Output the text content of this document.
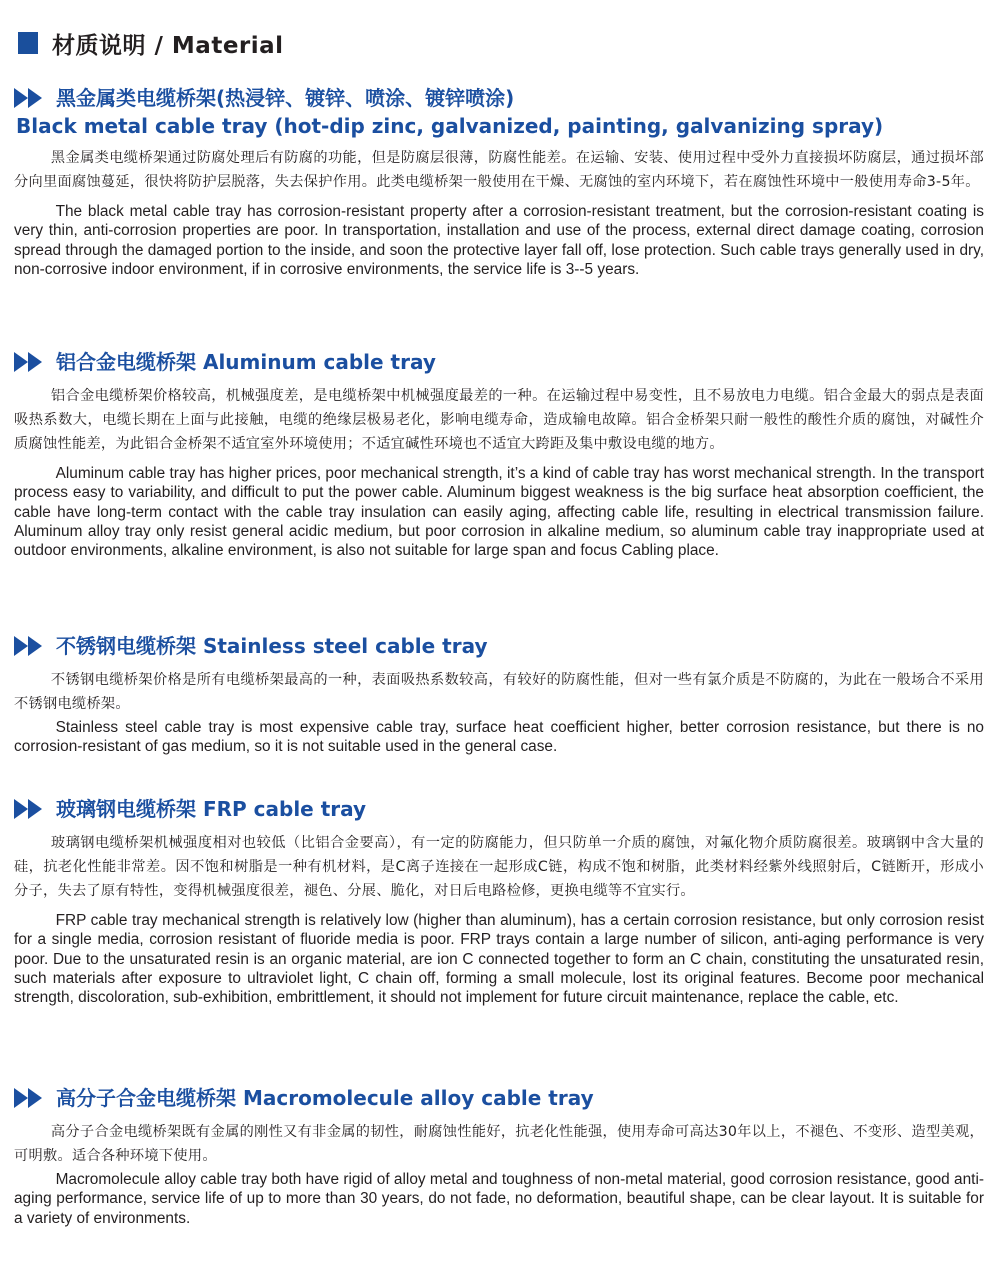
材质说明 / Material
黑金属类电缆桥架(热浸锌、镀锌、喷涂、镀锌喷涂)
Black metal cable tray (hot-dip zinc, galvanized, painting, galvanizing spray)

黑金属类电缆桥架通过防腐处理后有防腐的功能，但是防腐层很薄，防腐性能差。在运输、安装、使用过程中受外力直接损坏防腐层，通过损坏部分向里面腐蚀蔓延，很快将防护层脱落，失去保护作用。此类电缆桥架一般使用在干燥、无腐蚀的室内环境下，若在腐蚀性环境中一般使用寿命3-5年。

The black metal cable tray has corrosion-resistant property after a corrosion-resistant treatment, but the corrosion-resistant coating is very thin, anti-corrosion properties are poor. In transportation, installation and use of the process, external direct damage coating, corrosion spread through the damaged portion to the inside, and soon the protective layer fall off, lose protection. Such cable trays generally used in dry, non-corrosive indoor environment, if in corrosive environments, the service life is 3--5 years.

铝合金电缆桥架 Aluminum cable tray

铝合金电缆桥架价格较高，机械强度差，是电缆桥架中机械强度最差的一种。在运输过程中易变性，且不易放电力电缆。铝合金最大的弱点是表面吸热系数大，电缆长期在上面与此接触，电缆的绝缘层极易老化，影响电缆寿命，造成输电故障。铝合金桥架只耐一般性的酸性介质的腐蚀，对碱性介质腐蚀性能差，为此铝合金桥架不适宜室外环境使用；不适宜碱性环境也不适宜大跨距及集中敷设电缆的地方。

Aluminum cable tray has higher prices, poor mechanical strength, it’s a kind of cable tray has worst mechanical strength. In the transport process easy to variability, and difficult to put the power cable. Aluminum biggest weakness is the big surface heat absorption coefficient, the cable have long-term contact with the cable tray insulation can easily aging, affecting cable life, resulting in electrical transmission failure. Aluminum alloy tray only resist general acidic medium, but poor corrosion in alkaline medium, so aluminum cable tray inappropriate used at outdoor environments, alkaline environment, is also not suitable for large span and focus Cabling place.

不锈钢电缆桥架 Stainless steel cable tray

不锈钢电缆桥架价格是所有电缆桥架最高的一种，表面吸热系数较高，有较好的防腐性能，但对一些有氯介质是不防腐的，为此在一般场合不采用不锈钢电缆桥架。

Stainless steel cable tray is most expensive cable tray, surface heat coefficient higher, better corrosion resistance, but there is no corrosion-resistant of gas medium, so it is not suitable used in the general case.

玻璃钢电缆桥架 FRP cable tray

玻璃钢电缆桥架机械强度相对也较低（比铝合金要高），有一定的防腐能力，但只防单一介质的腐蚀，对氟化物介质防腐很差。玻璃钢中含大量的硅，抗老化性能非常差。因不饱和树脂是一种有机材料，是C离子连接在一起形成C链，构成不饱和树脂，此类材料经紫外线照射后，C链断开，形成小分子，失去了原有特性，变得机械强度很差，褪色、分展、脆化，对日后电路检修，更换电缆等不宜实行。

FRP cable tray mechanical strength is relatively low (higher than aluminum), has a certain corrosion resistance, but only corrosion resist for a single media, corrosion resistant of fluoride media is poor. FRP trays contain a large number of silicon, anti-aging performance is very poor. Due to the unsaturated resin is an organic material, are ion C connected together to form an C chain, constituting the unsaturated resin, such materials after exposure to ultraviolet light, C chain off, forming a small molecule, lost its original features. Become poor mechanical strength, discoloration, sub-exhibition, embrittlement, it should not implement for future circuit maintenance, replace the cable, etc.

高分子合金电缆桥架 Macromolecule alloy cable tray

高分子合金电缆桥架既有金属的刚性又有非金属的韧性，耐腐蚀性能好，抗老化性能强，使用寿命可高达30年以上，不褪色、不变形、造型美观，可明敷。适合各种环境下使用。

Macromolecule alloy cable tray both have rigid of alloy metal and toughness of non-metal material, good corrosion resistance, good anti-aging performance, service life of up to more than 30 years, do not fade, no deformation, beautiful shape, can be clear layout. It is suitable for a variety of environments.
